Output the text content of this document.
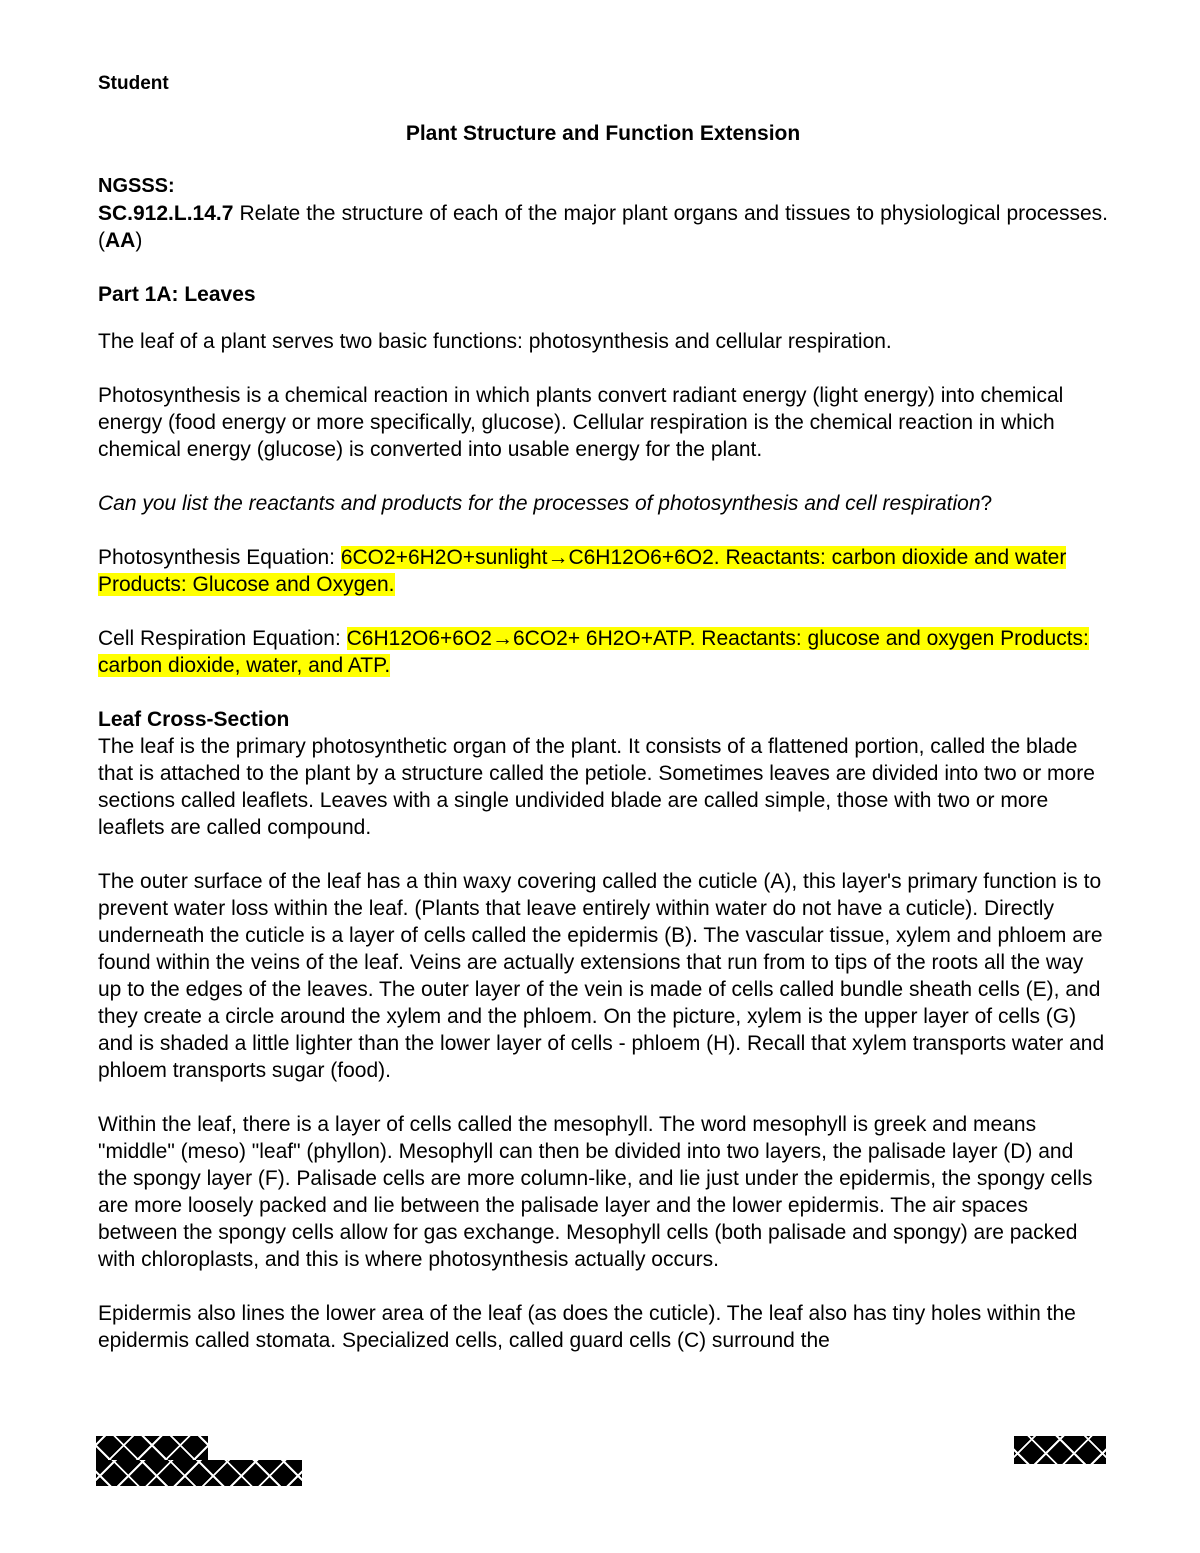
Student
Plant Structure and Function Extension
NGSSS:

SC.912.L.14.7 Relate the structure of each of the major plant organs and tissues to physiological processes. (AA)

Part 1A: Leaves

The leaf of a plant serves two basic functions: photosynthesis and cellular respiration.

Photosynthesis is a chemical reaction in which plants convert radiant energy (light energy) into chemical energy (food energy or more specifically, glucose). Cellular respiration is the chemical reaction in which chemical energy (glucose) is converted into usable energy for the plant.

Can you list the reactants and products for the processes of photosynthesis and cell respiration?

Photosynthesis Equation: 6CO2+6H2O+sunlight→C6H12O6+6O2. Reactants: carbon dioxide and water Products: Glucose and Oxygen.

Cell Respiration Equation: C6H12O6+6O2→6CO2+ 6H2O+ATP. Reactants: glucose and oxygen Products: carbon dioxide, water, and ATP.

Leaf Cross-Section

The leaf is the primary photosynthetic organ of the plant. It consists of a flattened portion, called the blade that is attached to the plant by a structure called the petiole. Sometimes leaves are divided into two or more sections called leaflets. Leaves with a single undivided blade are called simple, those with two or more leaflets are called compound.

The outer surface of the leaf has a thin waxy covering called the cuticle (A), this layer's primary function is to prevent water loss within the leaf. (Plants that leave entirely within water do not have a cuticle). Directly underneath the cuticle is a layer of cells called the epidermis (B). The vascular tissue, xylem and phloem are found within the veins of the leaf. Veins are actually extensions that run from to tips of the roots all the way up to the edges of the leaves. The outer layer of the vein is made of cells called bundle sheath cells (E), and they create a circle around the xylem and the phloem. On the picture, xylem is the upper layer of cells (G) and is shaded a little lighter than the lower layer of cells - phloem (H). Recall that xylem transports water and phloem transports sugar (food).

Within the leaf, there is a layer of cells called the mesophyll. The word mesophyll is greek and means "middle" (meso) "leaf" (phyllon). Mesophyll can then be divided into two layers, the palisade layer (D) and the spongy layer (F). Palisade cells are more column-like, and lie just under the epidermis, the spongy cells are more loosely packed and lie between the palisade layer and the lower epidermis. The air spaces between the spongy cells allow for gas exchange. Mesophyll cells (both palisade and spongy) are packed with chloroplasts, and this is where photosynthesis actually occurs.

Epidermis also lines the lower area of the leaf (as does the cuticle). The leaf also has tiny holes within the epidermis called stomata. Specialized cells, called guard cells (C) surround the
